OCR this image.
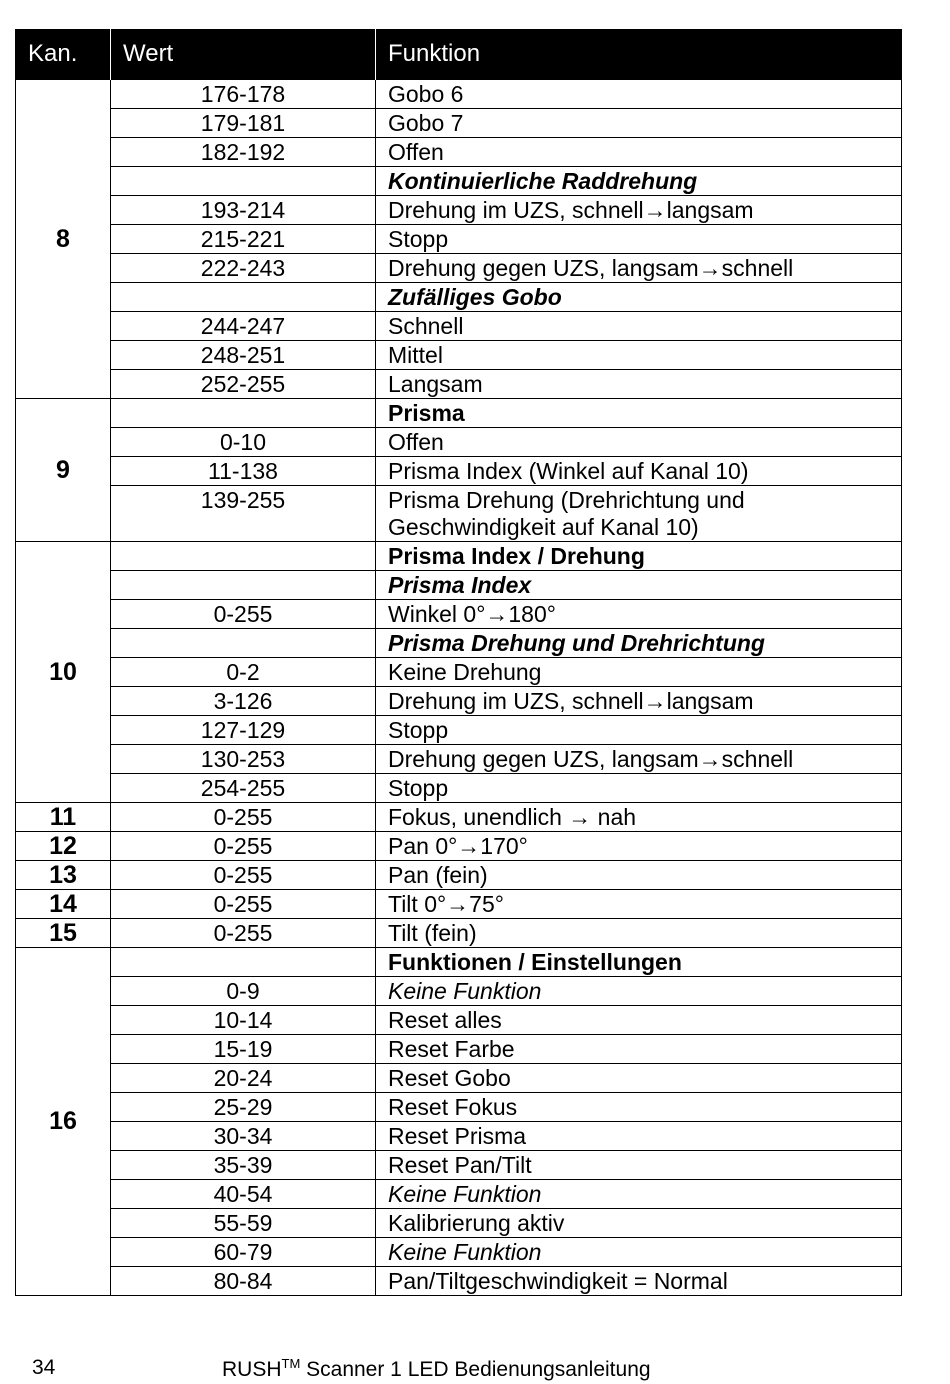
Kan.	Wert	Funktion
8	176-178	Gobo 6
	179-181	Gobo 7
	182-192	Offen
		Kontinuierliche Raddrehung
	193-214	Drehung im UZS, schnell→langsam
	215-221	Stopp
	222-243	Drehung gegen UZS, langsam→schnell
		Zufälliges Gobo
	244-247	Schnell
	248-251	Mittel
	252-255	Langsam
9		Prisma
	0-10	Offen
	11-138	Prisma Index (Winkel auf Kanal 10)
	139-255	Prisma Drehung (Drehrichtung und Geschwindigkeit auf Kanal 10)
10		Prisma Index / Drehung
		Prisma Index
	0-255	Winkel 0°→180°
		Prisma Drehung und Drehrichtung
	0-2	Keine Drehung
	3-126	Drehung im UZS, schnell→langsam
	127-129	Stopp
	130-253	Drehung gegen UZS, langsam→schnell
	254-255	Stopp
11	0-255	Fokus, unendlich → nah
12	0-255	Pan 0°→170°
13	0-255	Pan (fein)
14	0-255	Tilt 0°→75°
15	0-255	Tilt (fein)
16		Funktionen / Einstellungen
	0-9	Keine Funktion
	10-14	Reset alles
	15-19	Reset Farbe
	20-24	Reset Gobo
	25-29	Reset Fokus
	30-34	Reset Prisma
	35-39	Reset Pan/Tilt
	40-54	Keine Funktion
	55-59	Kalibrierung aktiv
	60-79	Keine Funktion
	80-84	Pan/Tiltgeschwindigkeit = Normal
34	RUSH™ Scanner 1 LED Bedienungsanleitung
